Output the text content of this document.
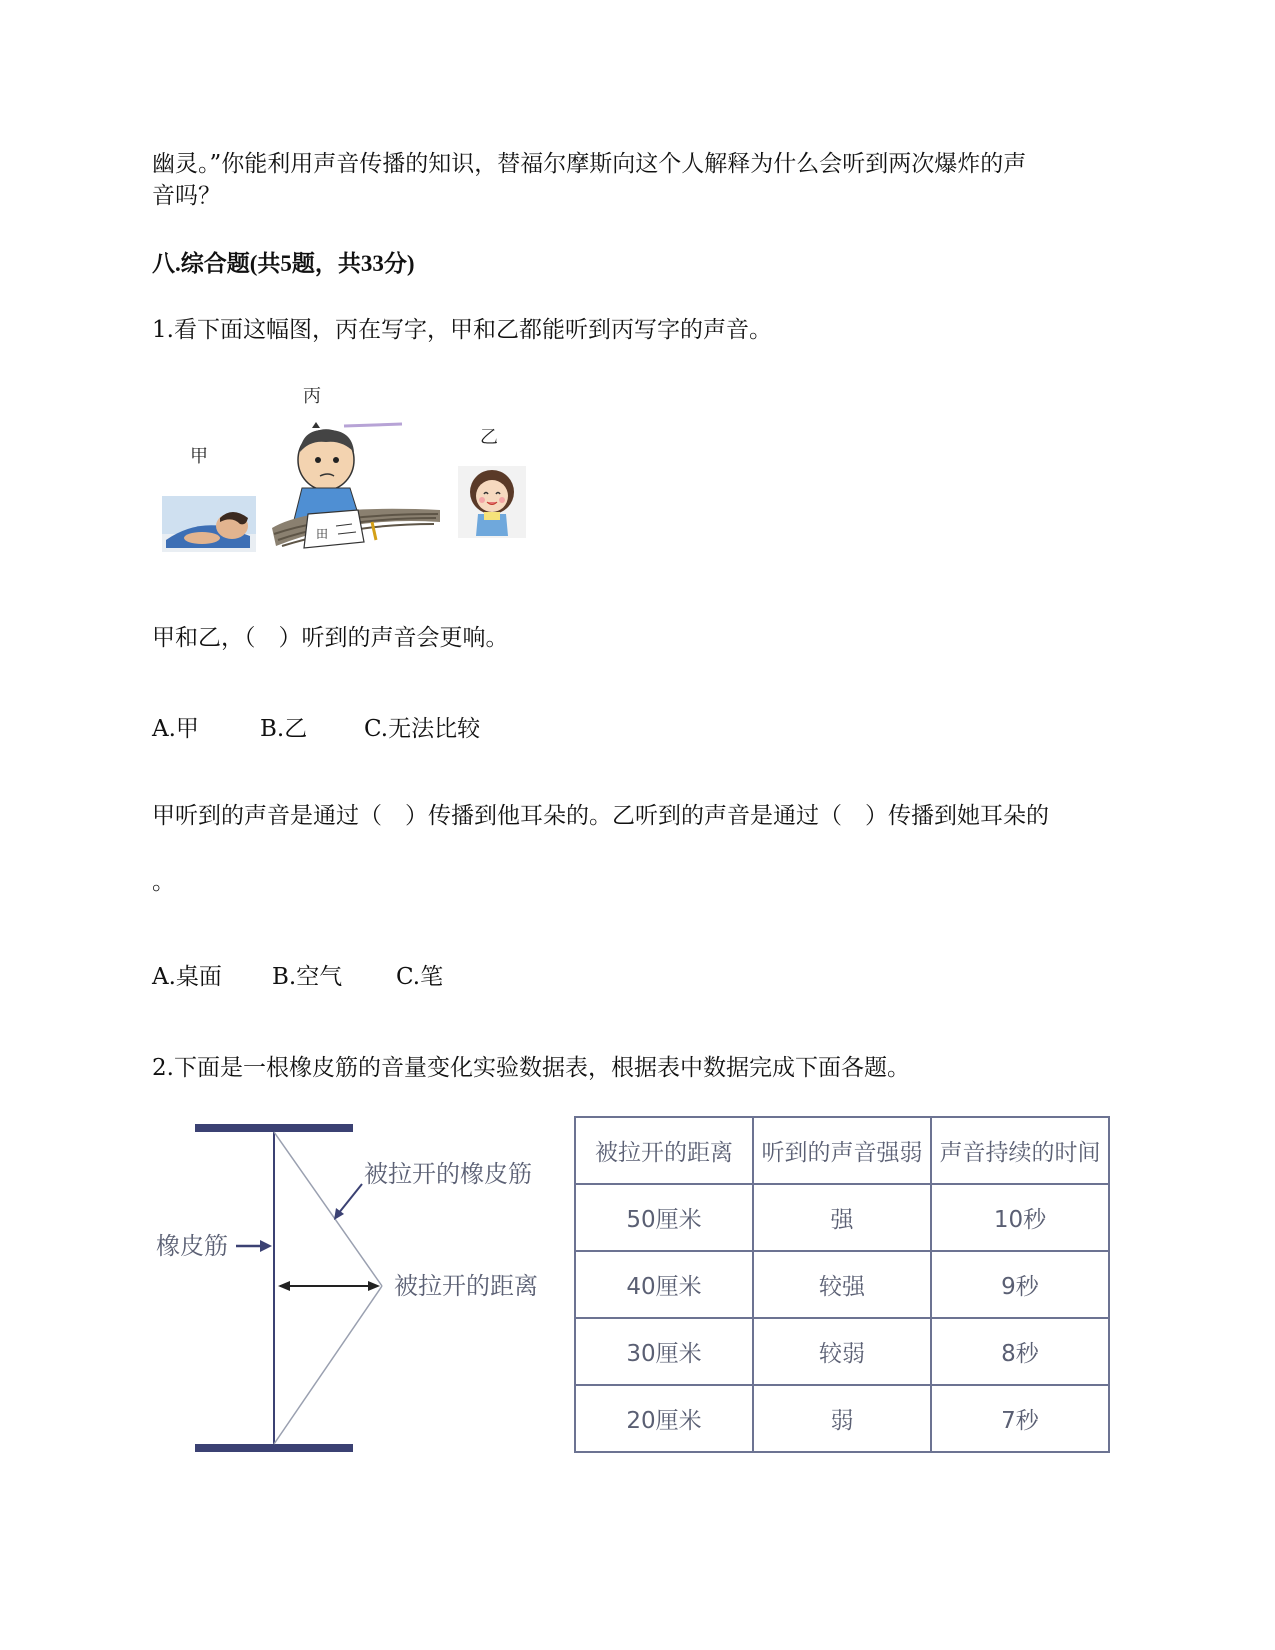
幽灵。”你能利用声音传播的知识，替福尔摩斯向这个人解释为什么会听到两次爆炸的声
音吗？
八.综合题(共5题，共33分)
1.看下面这幅图，丙在写字，甲和乙都能听到丙写字的声音。
丙
甲
乙
田
甲和乙，（　）听到的声音会更响。
A.甲	B.乙 C.无法比较
甲听到的声音是通过（　）传播到他耳朵的。乙听到的声音是通过（　）传播到她耳朵的
。
A.桌面 B.空气 C.笔
2.下面是一根橡皮筋的音量变化实验数据表，根据表中数据完成下面各题。
被拉开的橡皮筋
橡皮筋
被拉开的距离
被拉开的距离	听到的声音强弱	声音持续的时间
50厘米	强	10秒
40厘米	较强	9秒
30厘米	较弱	8秒
20厘米	弱	7秒
